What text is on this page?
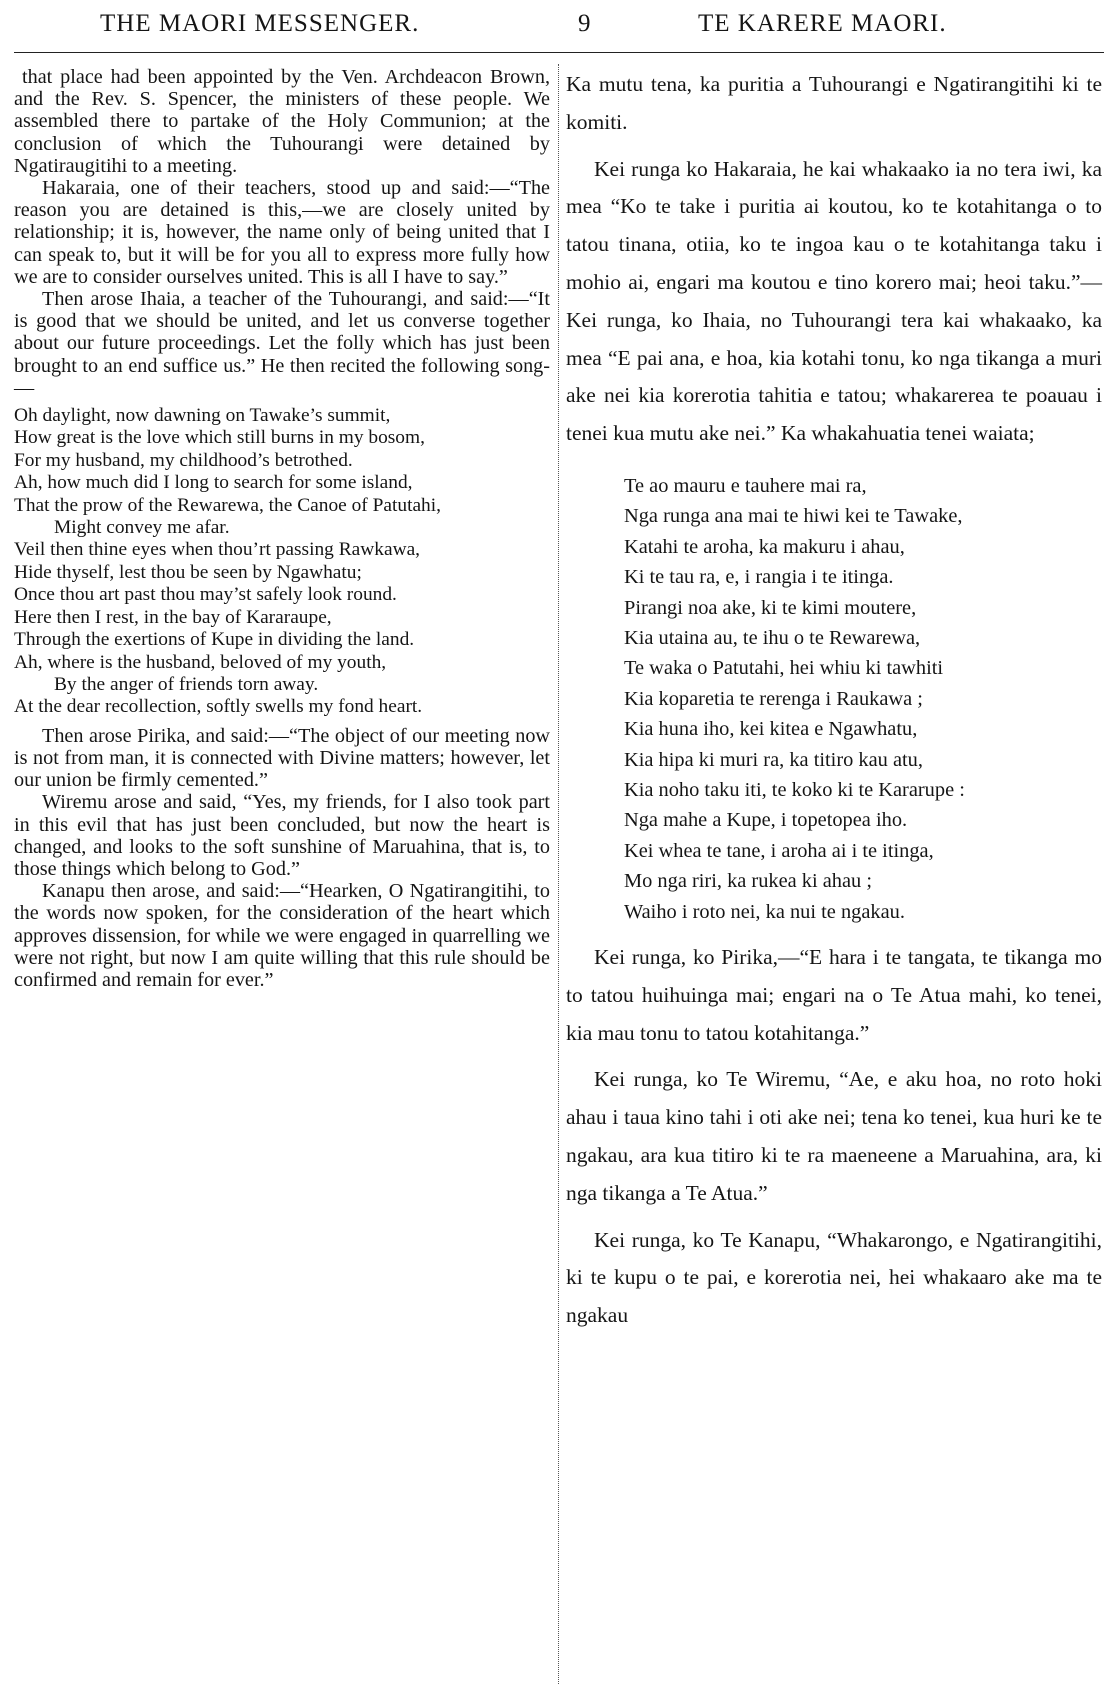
THE MAORI MESSENGER.	9	TE KARERE MAORI.

that place had been appointed by the Ven. Archdeacon Brown, and the Rev. S. Spencer, the ministers of these people. We assembled there to partake of the Holy Communion; at the conclusion of which the Tuhourangi were detained by Ngatiraugitihi to a meeting.

Hakaraia, one of their teachers, stood up and said:—“The reason you are detained is this,—we are closely united by relationship; it is, however, the name only of being united that I can speak to, but it will be for you all to express more fully how we are to consider ourselves united. This is all I have to say.”

Then arose Ihaia, a teacher of the Tuhourangi, and said:—“It is good that we should be united, and let us converse together about our future proceedings. Let the folly which has just been brought to an end suffice us.” He then recited the following song-—

Oh daylight, now dawning on Tawake’s summit,
How great is the love which still burns in my bosom,
For my husband, my childhood’s betrothed.
Ah, how much did I long to search for some island,
That the prow of the Rewarewa, the Canoe of Patutahi,
Might convey me afar.
Veil then thine eyes when thou’rt passing Rawkawa,
Hide thyself, lest thou be seen by Ngawhatu;
Once thou art past thou may’st safely look round.
Here then I rest, in the bay of Kararaupe,
Through the exertions of Kupe in dividing the land.
Ah, where is the husband, beloved of my youth,
By the anger of friends torn away.
At the dear recollection, softly swells my fond heart.

Then arose Pirika, and said:—“The object of our meeting now is not from man, it is connected with Divine matters; however, let our union be firmly cemented.”

Wiremu arose and said, “Yes, my friends, for I also took part in this evil that has just been concluded, but now the heart is changed, and looks to the soft sunshine of Maruahina, that is, to those things which belong to God.”

Kanapu then arose, and said:—“Hearken, O Ngatirangitihi, to the words now spoken, for the consideration of the heart which approves dissension, for while we were engaged in quarrelling we were not right, but now I am quite willing that this rule should be confirmed and remain for ever.”

Ka mutu tena, ka puritia a Tuhourangi e Ngatirangitihi ki te komiti.

Kei runga ko Hakaraia, he kai whakaako ia no tera iwi, ka mea “Ko te take i puritia ai koutou, ko te kotahitanga o to tatou tinana, otiia, ko te ingoa kau o te kotahitanga taku i mohio ai, engari ma koutou e tino korero mai; heoi taku.”—Kei runga, ko Ihaia, no Tuhourangi tera kai whakaako, ka mea “E pai ana, e hoa, kia kotahi tonu, ko nga tikanga a muri ake nei kia korerotia tahitia e tatou; whakarerea te poauau i tenei kua mutu ake nei.” Ka whakahuatia tenei waiata;

Te ao mauru e tauhere mai ra,
Nga runga ana mai te hiwi kei te Tawake,
Katahi te aroha, ka makuru i ahau,
Ki te tau ra, e, i rangia i te itinga.
Pirangi noa ake, ki te kimi moutere,
Kia utaina au, te ihu o te Rewarewa,
Te waka o Patutahi, hei whiu ki tawhiti
Kia koparetia te rerenga i Raukawa ;
Kia huna iho, kei kitea e Ngawhatu,
Kia hipa ki muri ra, ka titiro kau atu,
Kia noho taku iti, te koko ki te Kararupe :
Nga mahe a Kupe, i topetopea iho.
Kei whea te tane, i aroha ai i te itinga,
Mo nga riri, ka rukea ki ahau ;
Waiho i roto nei, ka nui te ngakau.

Kei runga, ko Pirika,—“E hara i te tangata, te tikanga mo to tatou huihuinga mai; engari na o Te Atua mahi, ko tenei, kia mau tonu to tatou kotahitanga.”

Kei runga, ko Te Wiremu, “Ae, e aku hoa, no roto hoki ahau i taua kino tahi i oti ake nei; tena ko tenei, kua huri ke te ngakau, ara kua titiro ki te ra maeneene a Maruahina, ara, ki nga tikanga a Te Atua.”

Kei runga, ko Te Kanapu, “Whakarongo, e Ngatirangitihi, ki te kupu o te pai, e korerotia nei, hei whakaaro ake ma te ngakau
